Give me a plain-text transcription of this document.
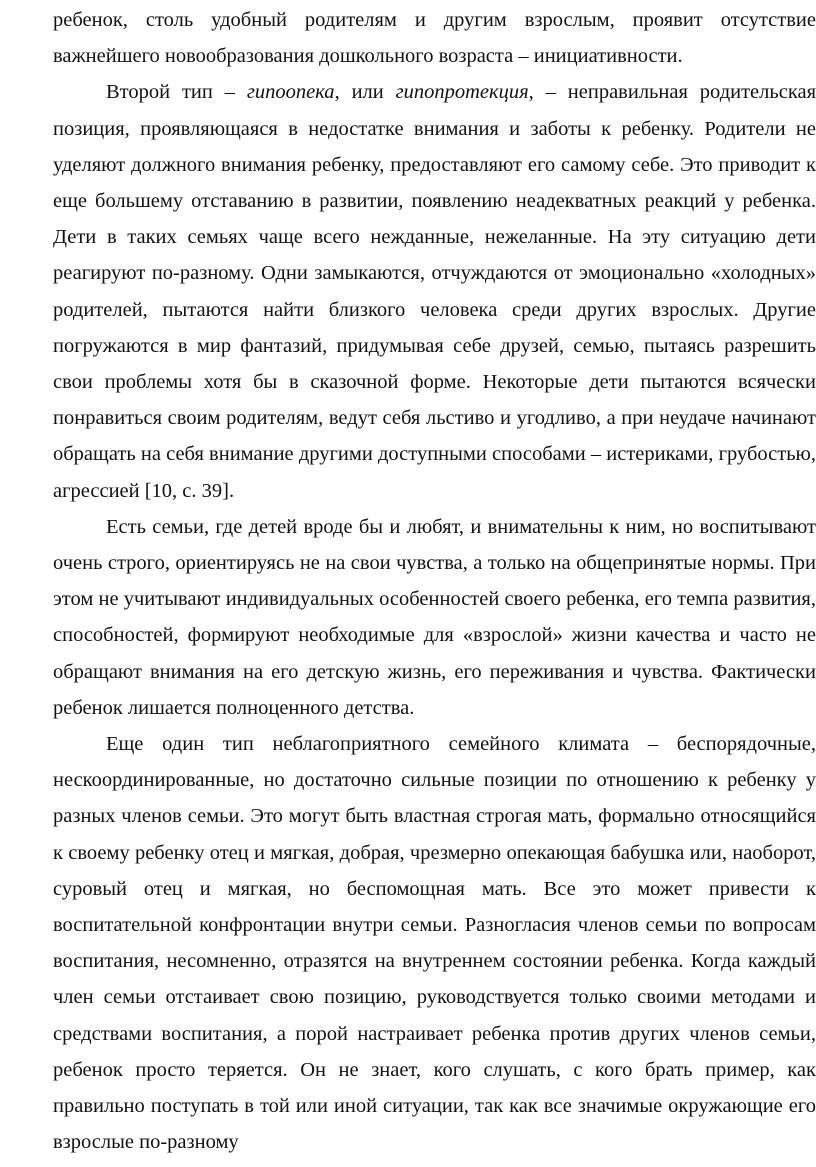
ребенок, столь удобный родителям и другим взрослым, проявит отсутствие важнейшего новообразования дошкольного возраста – инициативности.

Второй тип – гипоопека, или гипопротекция, – неправильная родительская позиция, проявляющаяся в недостатке внимания и заботы к ребенку. Родители не уделяют должного внимания ребенку, предоставляют его самому себе. Это приводит к еще большему отставанию в развитии, появлению неадекватных реакций у ребенка. Дети в таких семьях чаще всего нежданные, нежеланные. На эту ситуацию дети реагируют по-разному. Одни замыкаются, отчуждаются от эмоционально «холодных» родителей, пытаются найти близкого человека среди других взрослых. Другие погружаются в мир фантазий, придумывая себе друзей, семью, пытаясь разрешить свои проблемы хотя бы в сказочной форме. Некоторые дети пытаются всячески понравиться своим родителям, ведут себя льстиво и угодливо, а при неудаче начинают обращать на себя внимание другими доступными способами – истериками, грубостью, агрессией [10, с. 39].

Есть семьи, где детей вроде бы и любят, и внимательны к ним, но воспитывают очень строго, ориентируясь не на свои чувства, а только на общепринятые нормы. При этом не учитывают индивидуальных особенностей своего ребенка, его темпа развития, способностей, формируют необходимые для «взрослой» жизни качества и часто не обращают внимания на его детскую жизнь, его переживания и чувства. Фактически ребенок лишается полноценного детства.

Еще один тип неблагоприятного семейного климата – беспорядочные, нескоординированные, но достаточно сильные позиции по отношению к ребенку у разных членов семьи. Это могут быть властная строгая мать, формально относящийся к своему ребенку отец и мягкая, добрая, чрезмерно опекающая бабушка или, наоборот, суровый отец и мягкая, но беспомощная мать. Все это может привести к воспитательной конфронтации внутри семьи. Разногласия членов семьи по вопросам воспитания, несомненно, отразятся на внутреннем состоянии ребенка. Когда каждый член семьи отстаивает свою позицию, руководствуется только своими методами и средствами воспитания, а порой настраивает ребенка против других членов семьи, ребенок просто теряется. Он не знает, кого слушать, с кого брать пример, как правильно поступать в той или иной ситуации, так как все значимые окружающие его взрослые по-разному
